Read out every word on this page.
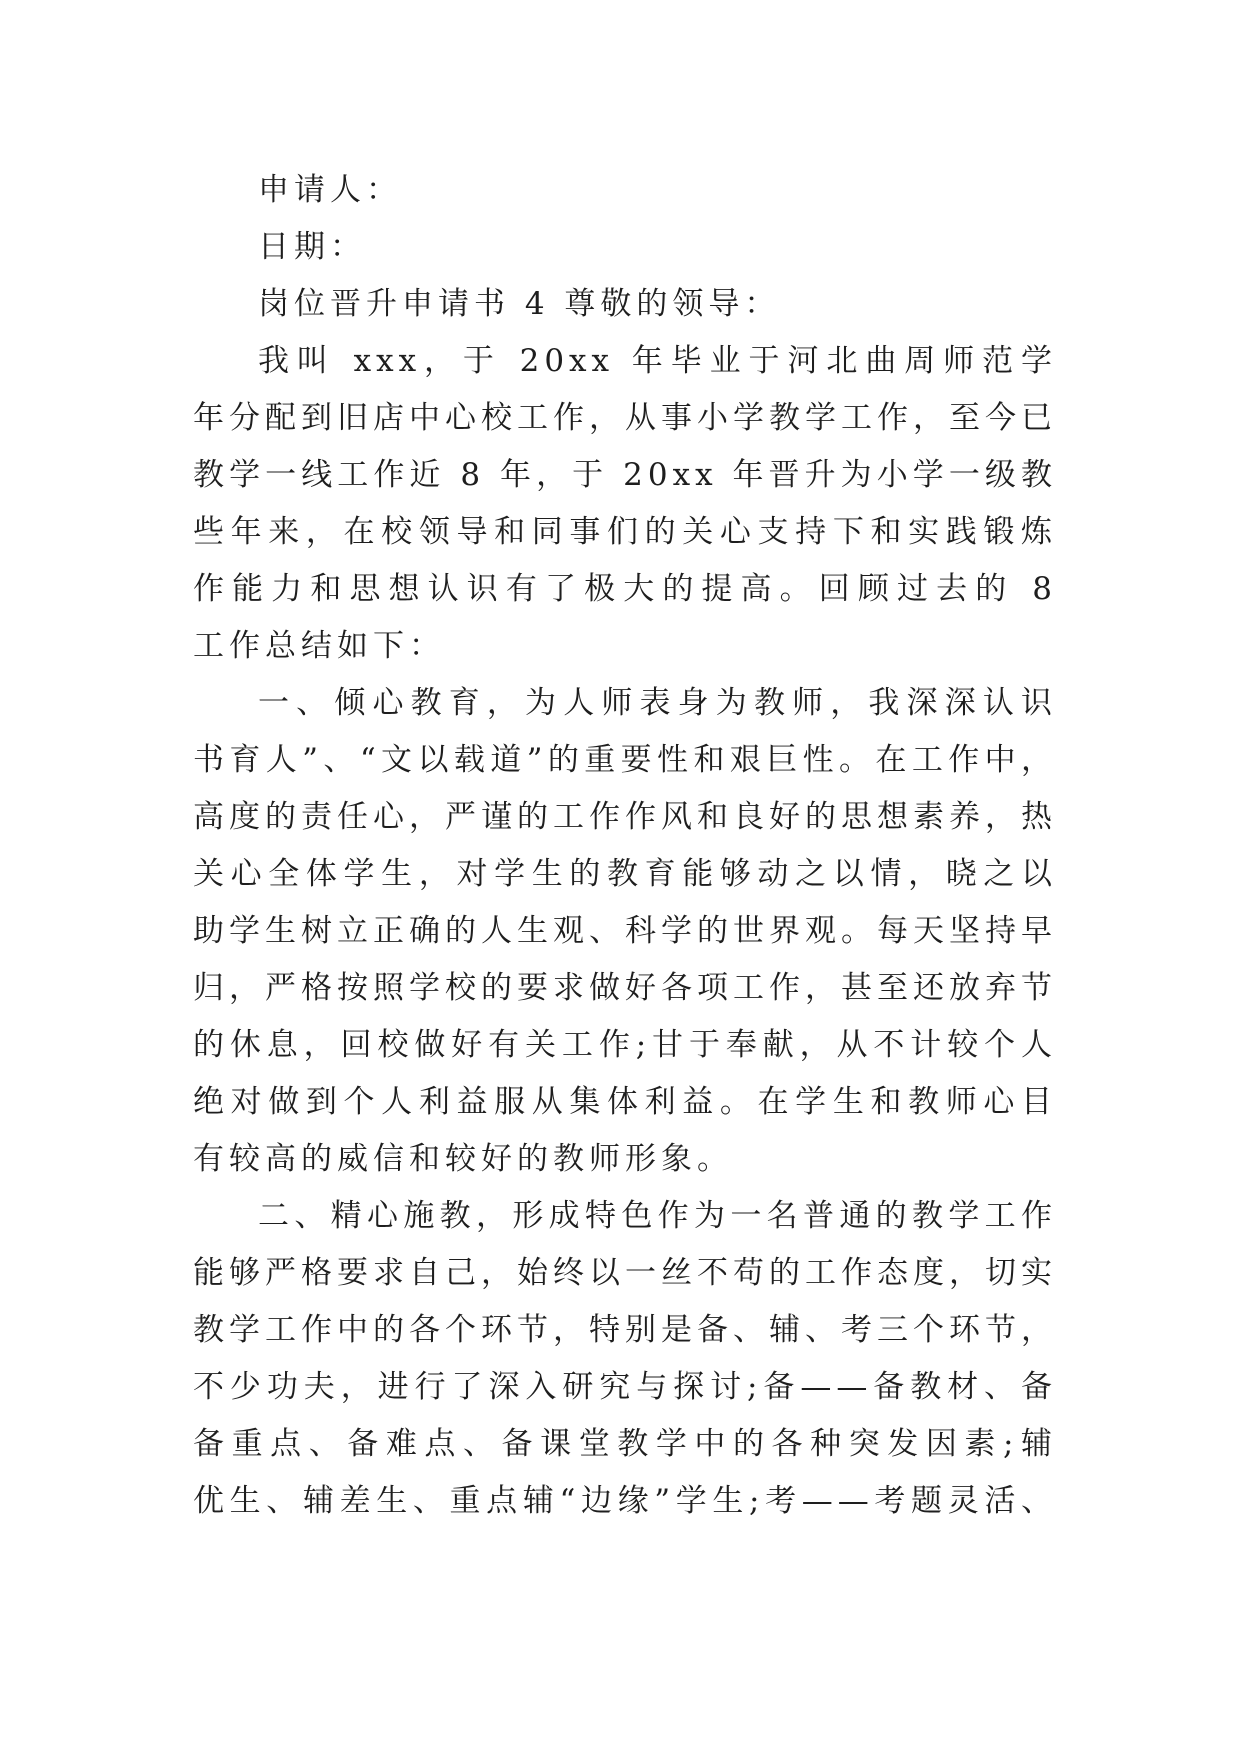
申请人：
日期：
岗位晋升申请书 4 尊敬的领导：
我叫 xxx，于 20xx 年毕业于河北曲周师范学
年分配到旧店中心校工作，从事小学教学工作，至今已
教学一线工作近 8 年，于 20xx 年晋升为小学一级教
些年来，在校领导和同事们的关心支持下和实践锻炼
作能力和思想认识有了极大的提高。回顾过去的 8
工作总结如下：
一、倾心教育，为人师表身为教师，我深深认识
书育人”、“文以载道”的重要性和艰巨性。在工作中，
高度的责任心，严谨的工作作风和良好的思想素养，热
关心全体学生，对学生的教育能够动之以情，晓之以
助学生树立正确的人生观、科学的世界观。每天坚持早
归，严格按照学校的要求做好各项工作，甚至还放弃节
的休息，回校做好有关工作;甘于奉献，从不计较个人
绝对做到个人利益服从集体利益。在学生和教师心目
有较高的威信和较好的教师形象。
二、精心施教，形成特色作为一名普通的教学工作
能够严格要求自己，始终以一丝不苟的工作态度，切实
教学工作中的各个环节，特别是备、辅、考三个环节，
不少功夫，进行了深入研究与探讨;备——备教材、备
备重点、备难点、备课堂教学中的各种突发因素;辅
优生、辅差生、重点辅“边缘”学生;考——考题灵活、
